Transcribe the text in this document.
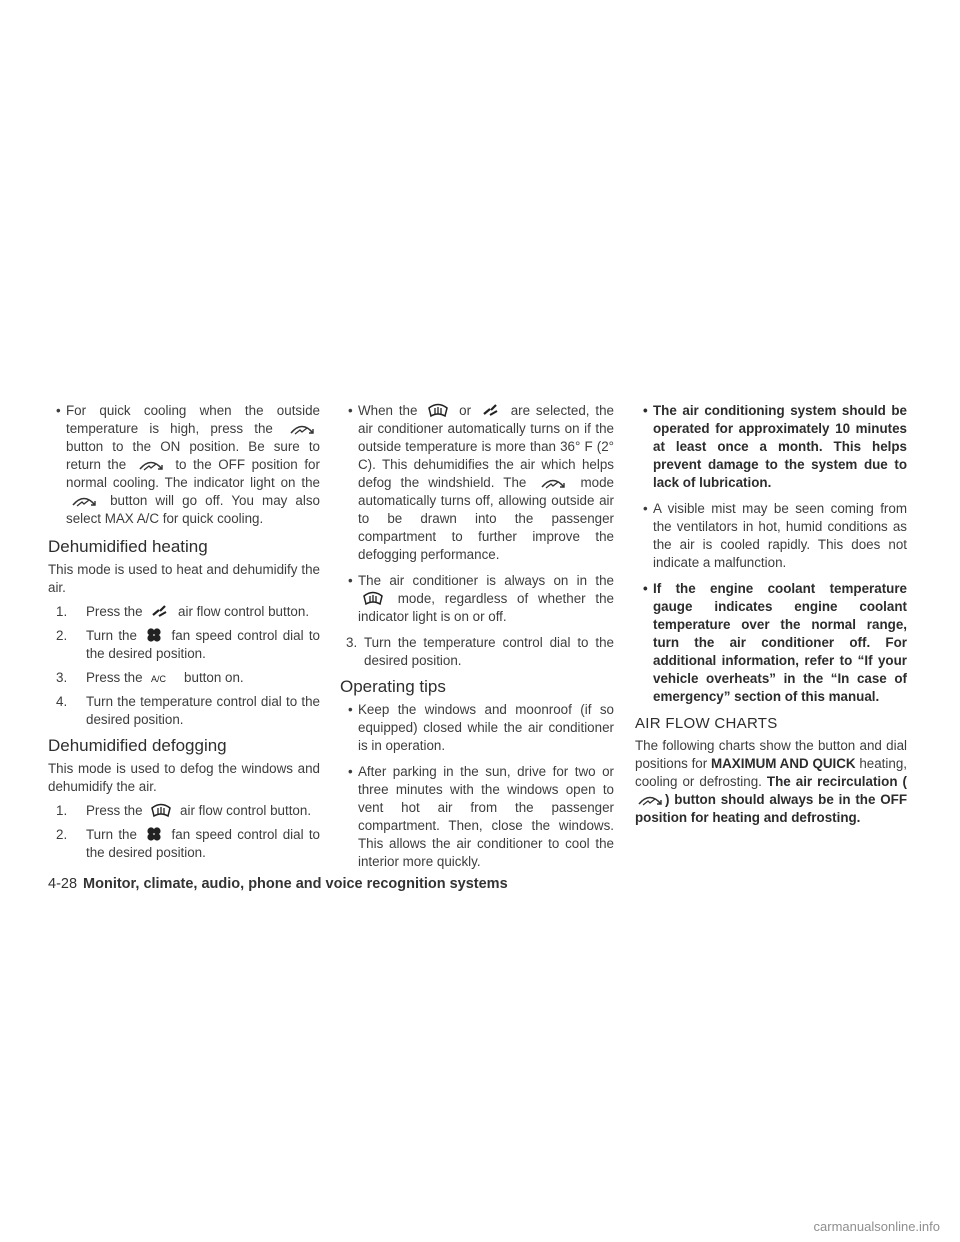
• For quick cooling when the outside temperature is high, press the  button to the ON position. Be sure to return the	to the OFF position for normal cooling. The indicator light on the  button will go off. You may also select MAX A/C for quick cooling.

Dehumidified heating

This mode is used to heat and dehumidify the air.

1. Press the	air flow control button.

2. Turn the	fan speed control dial to the desired position.

3. Press the A/C button on.

4. Turn the temperature control dial to the desired position.

Dehumidified defogging

This mode is used to defog the windows and dehumidify the air.

1. Press the	air flow control button.

2. Turn the	fan speed control dial to the desired position.

• When the	or	are selected, the air conditioner automatically turns on if the outside temperature is more than 36° F (2° C). This dehumidifies the air which helps defog the windshield. The	mode automatically turns off, allowing outside air to be drawn into the passenger compartment to further improve the defogging performance.

• The air conditioner is always on in the  mode, regardless of whether the indicator light is on or off.

3. Turn the temperature control dial to the desired position.

Operating tips

• Keep the windows and moonroof (if so equipped) closed while the air conditioner is in operation.

• After parking in the sun, drive for two or three minutes with the windows open to vent hot air from the passenger compartment. Then, close the windows. This allows the air conditioner to cool the interior more quickly.

• The air conditioning system should be operated for approximately 10 minutes at least once a month. This helps prevent damage to the system due to lack of lubrication.

• A visible mist may be seen coming from the ventilators in hot, humid conditions as the air is cooled rapidly. This does not indicate a malfunction.

• If the engine coolant temperature gauge indicates engine coolant temperature over the normal range, turn the air conditioner off. For additional information, refer to “If your vehicle overheats” in the “In case of emergency” section of this manual.

AIR FLOW CHARTS

The following charts show the button and dial positions for MAXIMUM AND QUICK heating, cooling or defrosting. The air recirculation () button should always be in the OFF position for heating and defrosting.

4-28 Monitor, climate, audio, phone and voice recognition systems
carmanualsonline.info
